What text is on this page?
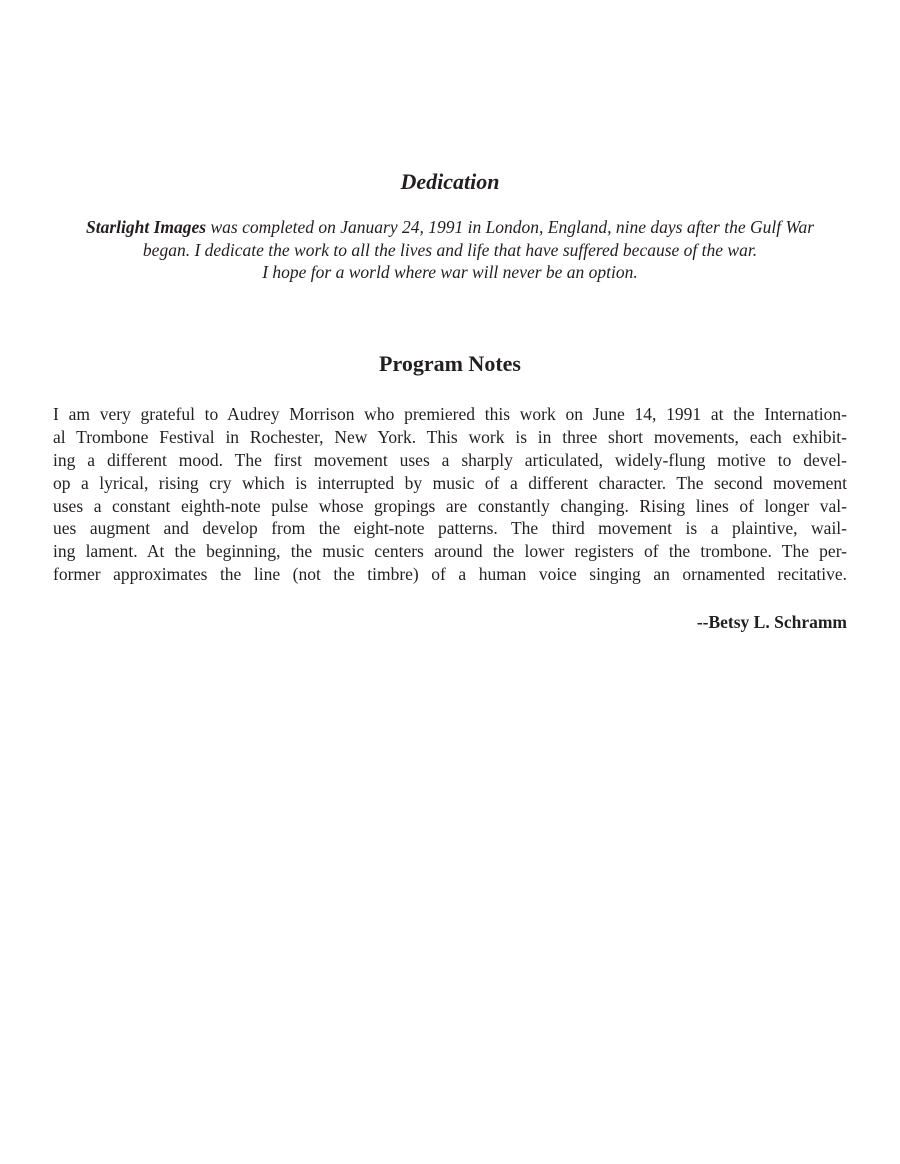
Dedication

Starlight Images was completed on January 24, 1991 in London, England, nine days after the Gulf War
began. I dedicate the work to all the lives and life that have suffered because of the war.
I hope for a world where war will never be an option.

Program Notes
I am very grateful to Audrey Morrison who premiered this work on June 14, 1991 at the Internation-
al Trombone Festival in Rochester, New York. This work is in three short movements, each exhibit-
ing a different mood. The first movement uses a sharply articulated, widely-flung motive to devel-
op a lyrical, rising cry which is interrupted by music of a different character. The second movement
uses a constant eighth-note pulse whose gropings are constantly changing. Rising lines of longer val-
ues augment and develop from the eight-note patterns. The third movement is a plaintive, wail-
ing lament. At the beginning, the music centers around the lower registers of the trombone. The per-
former approximates the line (not the timbre) of a human voice singing an ornamented recitative.

--Betsy L. Schramm
